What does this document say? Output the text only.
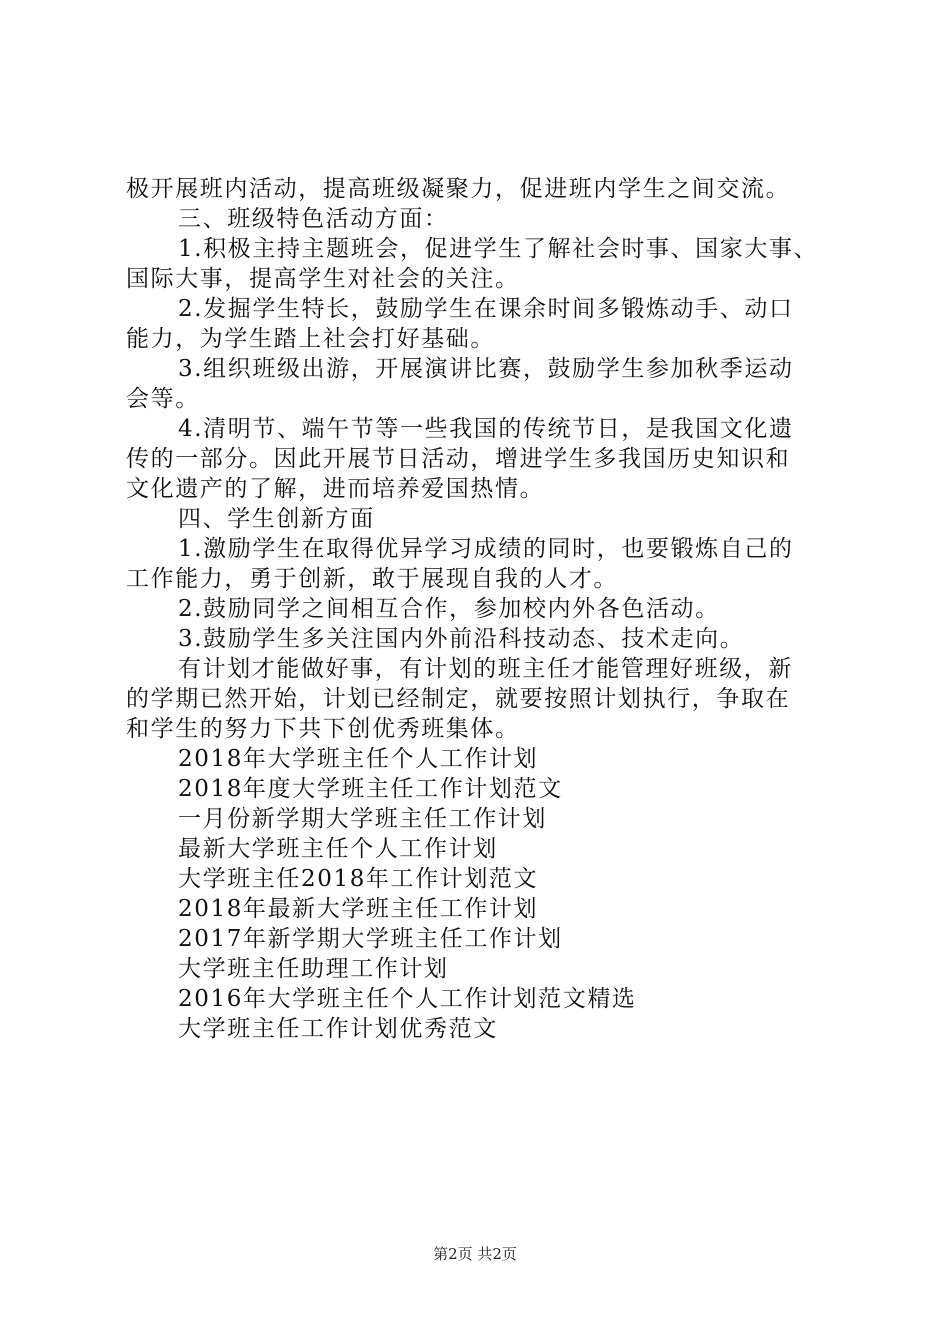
极开展班内活动，提高班级凝聚力，促进班内学生之间交流。
三、班级特色活动方面：
1.积极主持主题班会，促进学生了解社会时事、国家大事、
国际大事，提高学生对社会的关注。
2.发掘学生特长，鼓励学生在课余时间多锻炼动手、动口
能力，为学生踏上社会打好基础。
3.组织班级出游，开展演讲比赛，鼓励学生参加秋季运动
会等。
4.清明节、端午节等一些我国的传统节日，是我国文化遗
传的一部分。因此开展节日活动，增进学生多我国历史知识和
文化遗产的了解，进而培养爱国热情。
四、学生创新方面
1.激励学生在取得优异学习成绩的同时，也要锻炼自己的
工作能力，勇于创新，敢于展现自我的人才。
2.鼓励同学之间相互合作，参加校内外各色活动。
3.鼓励学生多关注国内外前沿科技动态、技术走向。
有计划才能做好事，有计划的班主任才能管理好班级，新
的学期已然开始，计划已经制定，就要按照计划执行，争取在
和学生的努力下共下创优秀班集体。
2018年大学班主任个人工作计划
2018年度大学班主任工作计划范文
一月份新学期大学班主任工作计划
最新大学班主任个人工作计划
大学班主任2018年工作计划范文
2018年最新大学班主任工作计划
2017年新学期大学班主任工作计划
大学班主任助理工作计划
2016年大学班主任个人工作计划范文精选
大学班主任工作计划优秀范文
第2页 共2页
